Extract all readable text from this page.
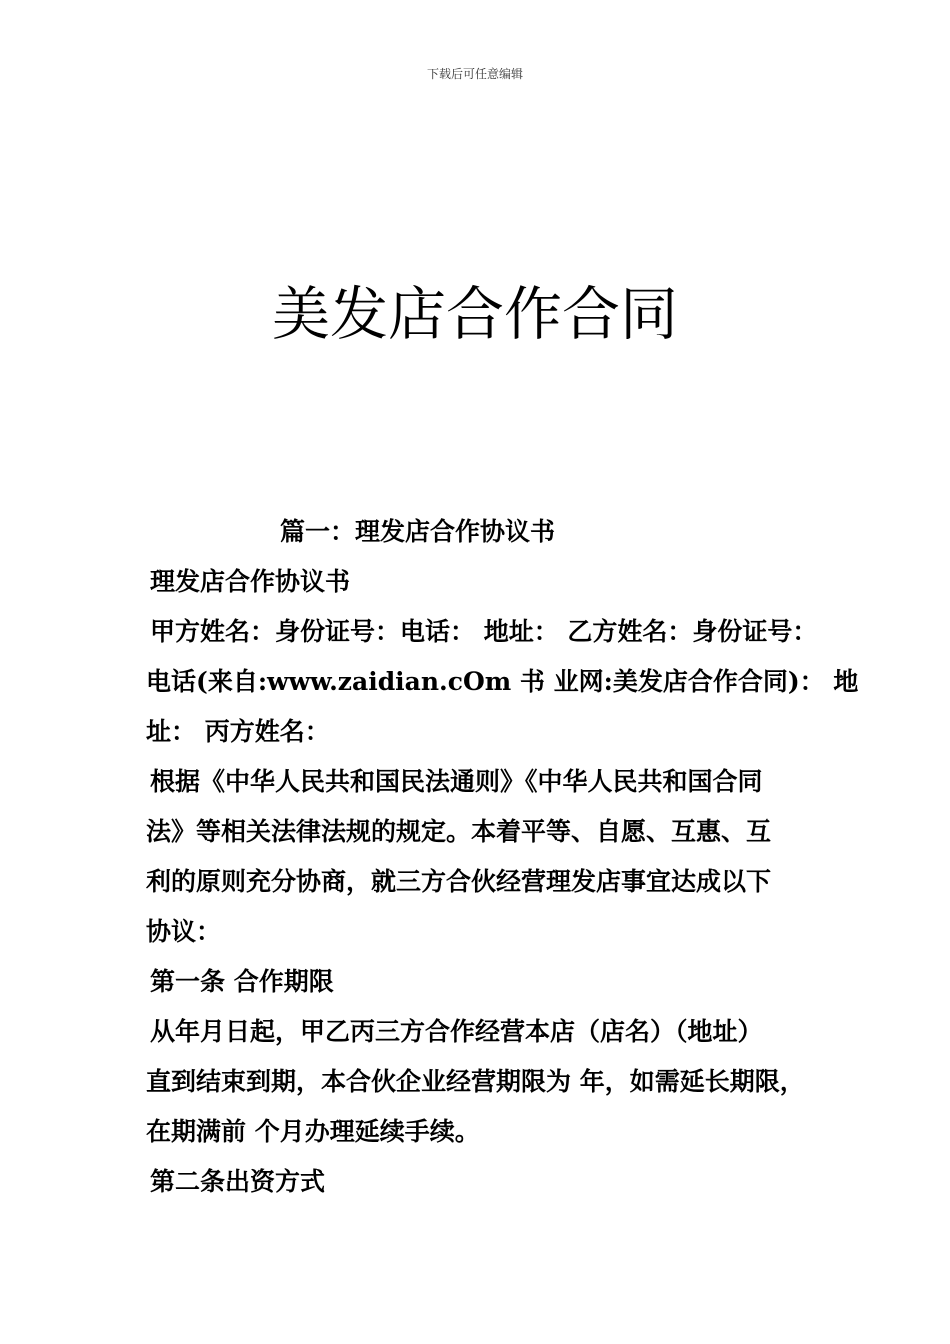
下载后可任意编辑
美发店合作合同
篇一：理发店合作协议书
理发店合作协议书
甲方姓名：身份证号：电话： 地址： 乙方姓名：身份证号：
电话(来自:www.zaidian.cOm 书 业网:美发店合作合同)： 地
址： 丙方姓名：
根据《中华人民共和国民法通则》《中华人民共和国合同
法》等相关法律法规的规定。本着平等、自愿、互惠、互
利的原则充分协商，就三方合伙经营理发店事宜达成以下
协议：
第一条 合作期限
从年月日起，甲乙丙三方合作经营本店（店名）（地址）
直到结束到期，本合伙企业经营期限为 年，如需延长期限，
在期满前 个月办理延续手续。
第二条出资方式
